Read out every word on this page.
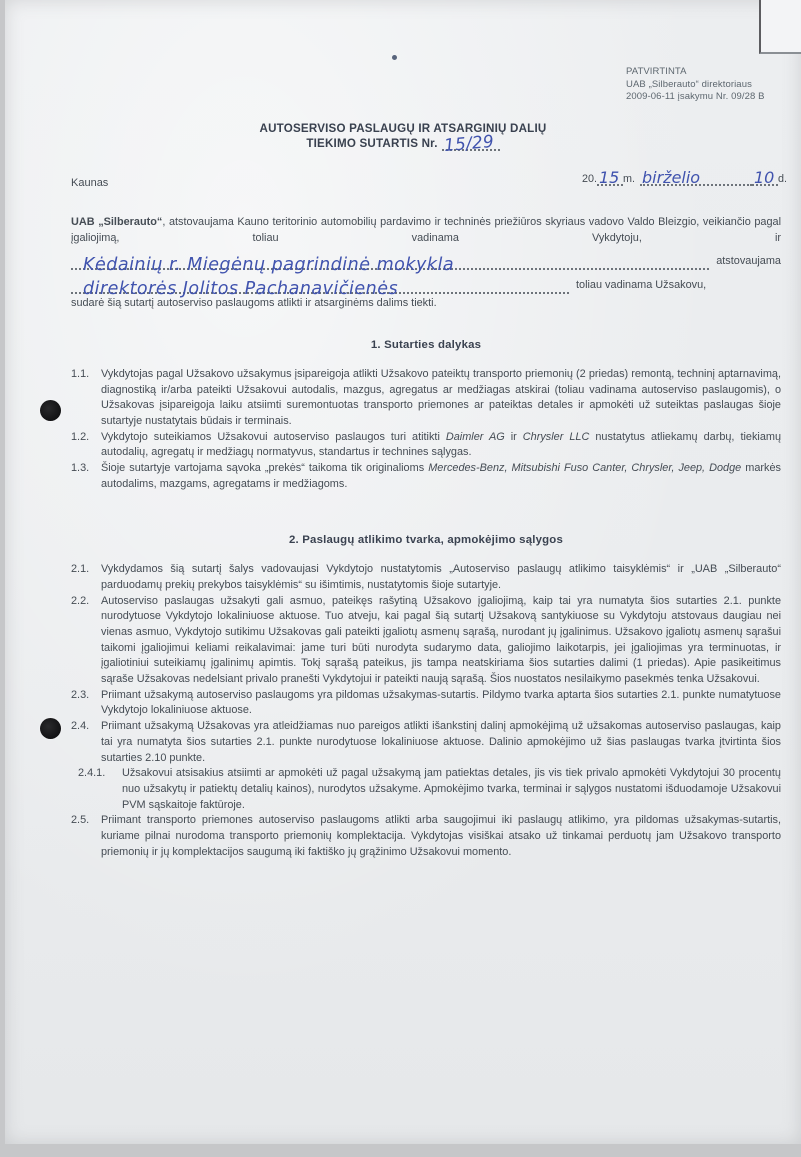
PATVIRTINTA
UAB „Silberauto“ direktoriaus
2009-06-11 įsakymu Nr. 09/28 B
AUTOSERVISO PASLAUGŲ IR ATSARGINIŲ DALIŲ
TIEKIMO SUTARTIS Nr. 15/29
Kaunas	20. 15 m. birželio	10 d.

UAB „Silberauto“, atstovaujama Kauno teritorinio automobilių pardavimo ir techninės priežiūros skyriaus vadovo Valdo Bleizgio, veikiančio pagal įgaliojimą, toliau vadinama Vykdytoju, ir

Kėdainių r. Miegėnų pagrindinė mokykla	atstovaujama
direktorės Jolitos Pachanavičienės	toliau vadinama Užsakovu,

sudarė šią sutartį autoserviso paslaugoms atlikti ir atsarginėms dalims tiekti.

1. Sutarties dalykas
1.1.	Vykdytojas pagal Užsakovo užsakymus įsipareigoja atlikti Užsakovo pateiktų transporto priemonių (2 priedas) remontą, techninį aptarnavimą, diagnostiką ir/arba pateikti Užsakovui autodalis, mazgus, agregatus ar medžiagas atskirai (toliau vadinama autoserviso paslaugomis), o Užsakovas įsipareigoja laiku atsiimti suremontuotas transporto priemones ar pateiktas detales ir apmokėti už suteiktas paslaugas šioje sutartyje nustatytais būdais ir terminais.
1.2.	Vykdytojo suteikiamos Užsakovui autoserviso paslaugos turi atitikti Daimler AG ir Chrysler LLC nustatytus atliekamų darbų, tiekiamų autodalių, agregatų ir medžiagų normatyvus, standartus ir technines sąlygas.
1.3.	Šioje sutartyje vartojama sąvoka „prekės“ taikoma tik originalioms Mercedes-Benz, Mitsubishi Fuso Canter, Chrysler, Jeep, Dodge markės autodalims, mazgams, agregatams ir medžiagoms.
2. Paslaugų atlikimo tvarka, apmokėjimo sąlygos
2.1.	Vykdydamos šią sutartį šalys vadovaujasi Vykdytojo nustatytomis „Autoserviso paslaugų atlikimo taisyklėmis“ ir „UAB „Silberauto“ parduodamų prekių prekybos taisyklėmis“ su išimtimis, nustatytomis šioje sutartyje.
2.2.	Autoserviso paslaugas užsakyti gali asmuo, pateikęs rašytiną Užsakovo įgaliojimą, kaip tai yra numatyta šios sutarties 2.1. punkte nurodytuose Vykdytojo lokaliniuose aktuose. Tuo atveju, kai pagal šią sutartį Užsakovą santykiuose su Vykdytoju atstovaus daugiau nei vienas asmuo, Vykdytojo sutikimu Užsakovas gali pateikti įgaliotų asmenų sąrašą, nurodant jų įgalinimus. Užsakovo įgaliotų asmenų sąrašui taikomi įgaliojimui keliami reikalavimai: jame turi būti nurodyta sudarymo data, galiojimo laikotarpis, jei įgaliojimas yra terminuotas, ir įgaliotiniui suteikiamų įgalinimų apimtis. Tokį sąrašą pateikus, jis tampa neatskiriama šios sutarties dalimi (1 priedas). Apie pasikeitimus sąraše Užsakovas nedelsiant privalo pranešti Vykdytojui ir pateikti naują sąrašą. Šios nuostatos nesilaikymo pasekmės tenka Užsakovui.
2.3.	Priimant užsakymą autoserviso paslaugoms yra pildomas užsakymas-sutartis. Pildymo tvarka aptarta šios sutarties 2.1. punkte numatytuose Vykdytojo lokaliniuose aktuose.
2.4.	Priimant užsakymą Užsakovas yra atleidžiamas nuo pareigos atlikti išankstinį dalinį apmokėjimą už užsakomas autoserviso paslaugas, kaip tai yra numatyta šios sutarties 2.1. punkte nurodytuose lokaliniuose aktuose. Dalinio apmokėjimo už šias paslaugas tvarka įtvirtinta šios sutarties 2.10 punkte.
2.4.1.	Užsakovui atsisakius atsiimti ar apmokėti už pagal užsakymą jam patiektas detales, jis vis tiek privalo apmokėti Vykdytojui 30 procentų nuo užsakytų ir patiektų detalių kainos), nurodytos užsakyme. Apmokėjimo tvarka, terminai ir sąlygos nustatomi išduodamoje Užsakovui PVM sąskaitoje faktūroje.
2.5.	Priimant transporto priemones autoserviso paslaugoms atlikti arba saugojimui iki paslaugų atlikimo, yra pildomas užsakymas-sutartis, kuriame pilnai nurodoma transporto priemonių komplektacija. Vykdytojas visiškai atsako už tinkamai perduotų jam Užsakovo transporto priemonių ir jų komplektacijos saugumą iki faktiško jų grąžinimo Užsakovui momento.
